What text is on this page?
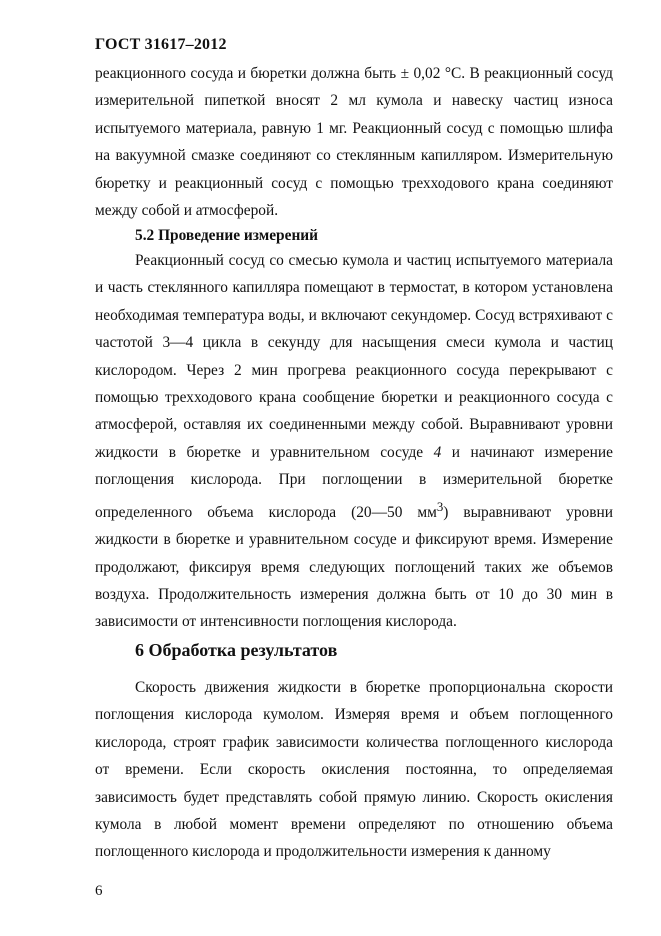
ГОСТ 31617–2012

реакционного сосуда и бюретки должна быть ± 0,02 °С. В реакционный сосуд измерительной пипеткой вносят 2 мл кумола и навеску частиц износа испытуемого материала, равную 1 мг. Реакционный сосуд с помощью шлифа на вакуумной смазке соединяют со стеклянным капилляром. Измерительную бюретку и реакционный сосуд с помощью трехходового крана соединяют между собой и атмосферой.

5.2 Проведение измерений

Реакционный сосуд со смесью кумола и частиц испытуемого материала и часть стеклянного капилляра помещают в термостат, в котором установлена необходимая температура воды, и включают секундомер. Сосуд встряхивают с частотой 3—4 цикла в секунду для насыщения смеси кумола и частиц кислородом. Через 2 мин прогрева реакционного сосуда перекрывают с помощью трехходового крана сообщение бюретки и реакционного сосуда с атмосферой, оставляя их соединенными между собой. Выравнивают уровни жидкости в бюретке и уравнительном сосуде 4 и начинают измерение поглощения кислорода. При поглощении в измерительной бюретке определенного объема кислорода (20—50 $мм^3$) выравнивают уровни жидкости в бюретке и уравнительном сосуде и фиксируют время. Измерение продолжают, фиксируя время следующих поглощений таких же объемов воздуха. Продолжительность измерения должна быть от 10 до 30 мин в зависимости от интенсивности поглощения кислорода.

6 Обработка результатов

Скорость движения жидкости в бюретке пропорциональна скорости поглощения кислорода кумолом. Измеряя время и объем поглощенного кислорода, строят график зависимости количества поглощенного кислорода от времени. Если скорость окисления постоянна, то определяемая зависимость будет представлять собой прямую линию. Скорость окисления кумола в любой момент времени определяют по отношению объема поглощенного кислорода и продолжительности измерения к данному

6
